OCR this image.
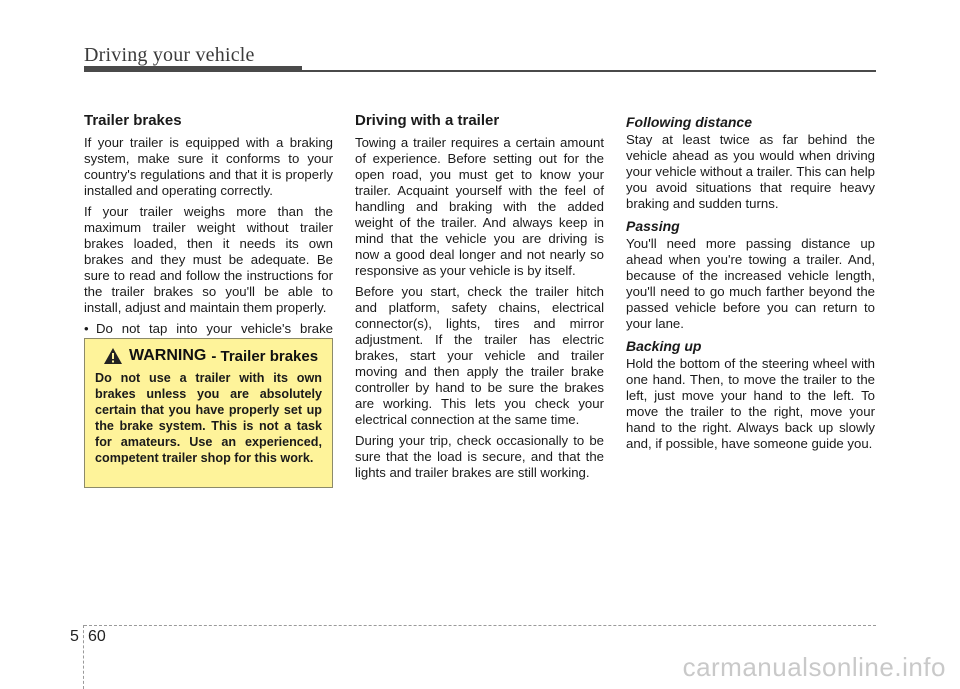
Driving your vehicle
Trailer brakes

If your trailer is equipped with a braking system, make sure it conforms to your country's regulations and that it is properly installed and operating correctly.

If your trailer weighs more than the maximum trailer weight without trailer brakes loaded, then it needs its own brakes and they must be adequate. Be sure to read and follow the instructions for the trailer brakes so you'll be able to install, adjust and maintain them properly.

• Do not tap into your vehicle's brake
WARNING - Trailer brakes
Do not use a trailer with its own brakes unless you are absolutely certain that you have properly set up the brake system. This is not a task for amateurs. Use an experienced, competent trailer shop for this work.
Driving with a trailer

Towing a trailer requires a certain amount of experience. Before setting out for the open road, you must get to know your trailer. Acquaint yourself with the feel of handling and braking with the added weight of the trailer. And always keep in mind that the vehicle you are driving is now a good deal longer and not nearly so responsive as your vehicle is by itself.

Before you start, check the trailer hitch and platform, safety chains, electrical connector(s), lights, tires and mirror adjustment. If the trailer has electric brakes, start your vehicle and trailer moving and then apply the trailer brake controller by hand to be sure the brakes are working. This lets you check your electrical connection at the same time.

During your trip, check occasionally to be sure that the load is secure, and that the lights and trailer brakes are still working.

Following distance

Stay at least twice as far behind the vehicle ahead as you would when driving your vehicle without a trailer. This can help you avoid situations that require heavy braking and sudden turns.

Passing

You'll need more passing distance up ahead when you're towing a trailer. And, because of the increased vehicle length, you'll need to go much farther beyond the passed vehicle before you can return to your lane.

Backing up

Hold the bottom of the steering wheel with one hand. Then, to move the trailer to the left, just move your hand to the left. To move the trailer to the right, move your hand to the right. Always back up slowly and, if possible, have someone guide you.

5 60
carmanualsonline.info
